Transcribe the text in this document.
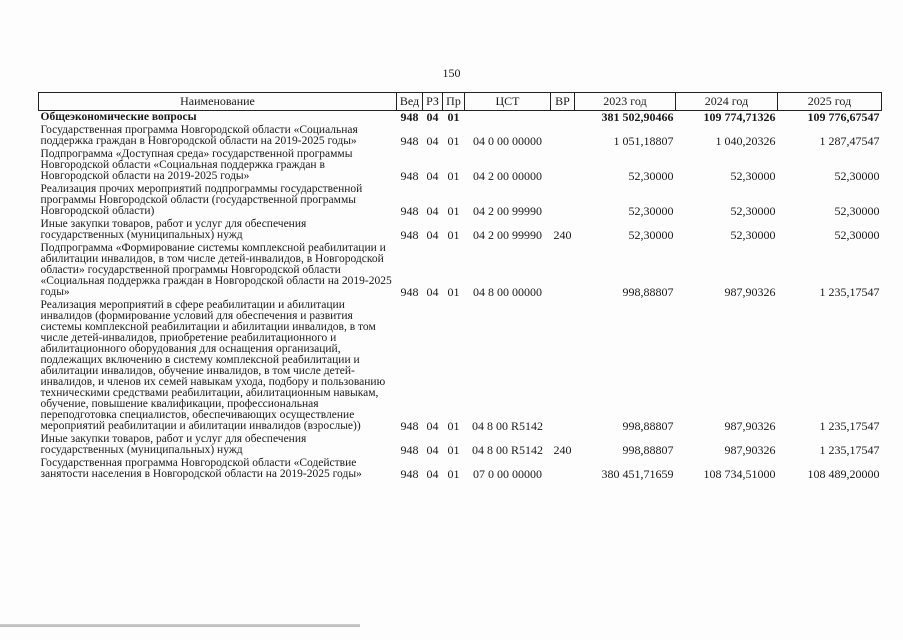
150
Наименование	Вед	РЗ	Пр	ЦСТ	ВР	2023 год	2024 год	2025 год
Общеэкономические вопросы	948	04	01			381 502,90466	109 774,71326	109 776,67547
Государственная программа Новгородской области «Социальная поддержка граждан в Новгородской области на 2019-2025 годы»	948	04	01	04 0 00 00000		1 051,18807	1 040,20326	1 287,47547
Подпрограмма «Доступная среда» государственной программы Новгородской области «Социальная поддержка граждан в Новгородской области на 2019-2025 годы»	948	04	01	04 2 00 00000		52,30000	52,30000	52,30000
Реализация прочих мероприятий подпрограммы государственной программы Новгородской области (государственной программы Новгородской области)	948	04	01	04 2 00 99990		52,30000	52,30000	52,30000
Иные закупки товаров, работ и услуг для обеспечения государственных (муниципальных) нужд	948	04	01	04 2 00 99990	240	52,30000	52,30000	52,30000
Подпрограмма «Формирование системы комплексной реабилитации и абилитации инвалидов, в том числе детей-инвалидов, в Новгородской области» государственной программы Новгородской области «Социальная поддержка граждан в Новгородской области на 2019-2025 годы»	948	04	01	04 8 00 00000		998,88807	987,90326	1 235,17547
Реализация мероприятий в сфере реабилитации и абилитации инвалидов (формирование условий для обеспечения и развития системы комплексной реабилитации и абилитации инвалидов, в том числе детей-инвалидов, приобретение реабилитационного и абилитационного оборудования для оснащения организаций, подлежащих включению в систему комплексной реабилитации и абилитации инвалидов, обучение инвалидов, в том числе детей-инвалидов, и членов их семей навыкам ухода, подбору и пользованию техническими средствами реабилитации, абилитационным навыкам, обучение, повышение квалификации, профессиональная переподготовка специалистов, обеспечивающих осуществление мероприятий реабилитации и абилитации инвалидов (взрослые))	948	04	01	04 8 00 R5142		998,88807	987,90326	1 235,17547
Иные закупки товаров, работ и услуг для обеспечения государственных (муниципальных) нужд	948	04	01	04 8 00 R5142	240	998,88807	987,90326	1 235,17547
Государственная программа Новгородской области «Содействие занятости населения в Новгородской области на 2019-2025 годы»	948	04	01	07 0 00 00000		380 451,71659	108 734,51000	108 489,20000
